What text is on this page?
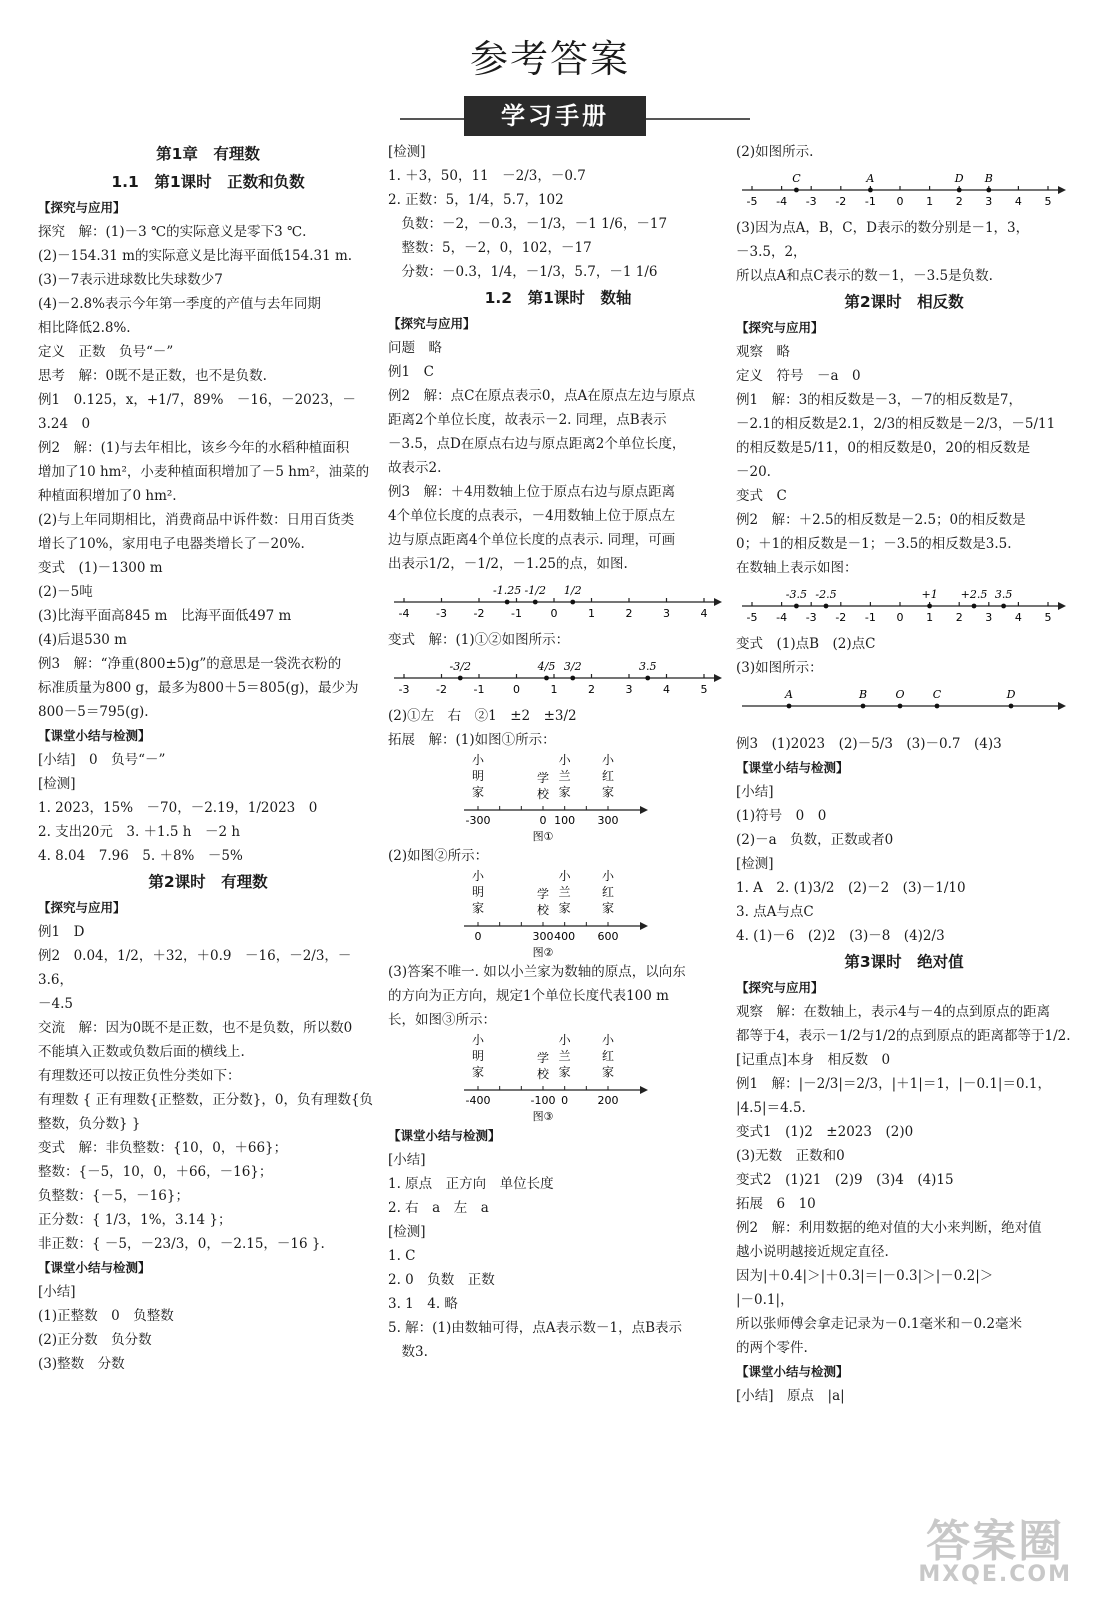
参考答案
学习手册

第1章　有理数

1.1　第1课时　正数和负数

【探究与应用】

探究　解：(1)－3 ℃的实际意义是零下3 ℃.

(2)－154.31 m的实际意义是比海平面低154.31 m.

(3)－7表示进球数比失球数少7

(4)－2.8%表示今年第一季度的产值与去年同期

相比降低2.8%.

定义　正数　负号“－”

思考　解：0既不是正数，也不是负数.

例1　0.125，x，+1/7，89%　－16，－2023，－3.24　0

例2　解：(1)与去年相比，该乡今年的水稻种植面积

增加了10 hm²，小麦种植面积增加了－5 hm²，油菜的

种植面积增加了0 hm².

(2)与上年同期相比，消费商品中诉件数：日用百货类

增长了10%，家用电子电器类增长了－20%.

变式　(1)－1300 m

(2)－5吨

(3)比海平面高845 m　比海平面低497 m

(4)后退530 m

例3　解：“净重(800±5)g”的意思是一袋洗衣粉的

标准质量为800 g，最多为800＋5＝805(g)，最少为

800－5＝795(g).

【课堂小结与检测】

[小结]　0　负号“－”

[检测]

1. 2023，15%　－70，－2.19，1/2023　0

2. 支出20元　3. ＋1.5 h　－2 h

4. 8.04　7.96　5. ＋8%　－5%

第2课时　有理数

【探究与应用】

例1　D

例2　0.04，1/2，＋32，＋0.9　－16，－2/3，－3.6，

－4.5

交流　解：因为0既不是正数，也不是负数，所以数0

不能填入正数或负数后面的横线上.

有理数还可以按正负性分类如下：

有理数 { 正有理数{正整数，正分数}，0，负有理数{负整数，负分数} }

变式　解：非负整数：{10，0，＋66}；

整数：{－5，10，0，＋66，－16}；

负整数：{－5，－16}；

正分数：{ 1/3，1%，3.14 }；

非正数：{ －5，－23/3，0，－2.15，－16 }.

【课堂小结与检测】

[小结]

(1)正整数　0　负整数

(2)正分数　负分数

(3)整数　分数

[检测]

1. ＋3，50，11　－2/3，－0.7

2. 正数：5，1/4，5.7，102

　负数：－2，－0.3，－1/3，－1 1/6，－17

　整数：5，－2，0，102，－17

　分数：－0.3，1/4，－1/3，5.7，－1 1/6

1.2　第1课时　数轴

【探究与应用】

问题　略

例1　C

例2　解：点C在原点表示0，点A在原点左边与原点

距离2个单位长度，故表示－2. 同理，点B表示

－3.5，点D在原点右边与原点距离2个单位长度，

故表示2.

例3　解：＋4用数轴上位于原点右边与原点距离

4个单位长度的点表示，－4用数轴上位于原点左

边与原点距离4个单位长度的点表示. 同理，可画

出表示1/2，－1/2，－1.25的点，如图.

-4 -3 -2 -1	0	1	2	3	4
-1.25 -1/2 1/2

变式　解：(1)①②如图所示：

-3 -2 -1	0	1	2	3	4	5
-3/2	4/5 3/2	3.5

(2)①左　右　②1　±2　±3/2

拓展　解：(1)如图①所示：

小明家
学校
小兰家
小红家
-300	0 100 300
图①

(2)如图②所示：

小明家
学校
小兰家
小红家
0	300 400 600
图②

(3)答案不唯一. 如以小兰家为数轴的原点，以向东

的方向为正方向，规定1个单位长度代表100 m

长，如图③所示：

小明家
学校
小兰家
小红家
-400	-100 0	200
图③

【课堂小结与检测】

[小结]

1. 原点　正方向　单位长度

2. 右　a　左　a

[检测]

1. C

2. 0　负数　正数

3. 1　4. 略

5. 解：(1)由数轴可得，点A表示数－1，点B表示

　数3.

(2)如图所示.

-5 -4 -3 -2 -1 0 1 2 3 4 5
C	A	D B

(3)因为点A，B，C，D表示的数分别是－1，3，

－3.5，2，

所以点A和点C表示的数－1，－3.5是负数.

第2课时　相反数

【探究与应用】

观察　略

定义　符号　－a　0

例1　解：3的相反数是－3，－7的相反数是7，

－2.1的相反数是2.1，2/3的相反数是－2/3，－5/11

的相反数是5/11，0的相反数是0，20的相反数是

－20.

变式　C

例2　解：＋2.5的相反数是－2.5；0的相反数是

0；＋1的相反数是－1；－3.5的相反数是3.5.

在数轴上表示如图：

-5 -4 -3 -2 -1 0 1 2 3 4 5
-3.5 -2.5	+1 +2.5 3.5

变式　(1)点B　(2)点C

(3)如图所示：

A	B	O	C	D

例3　(1)2023　(2)－5/3　(3)－0.7　(4)3

【课堂小结与检测】

[小结]

(1)符号　0　0

(2)－a　负数，正数或者0

[检测]

1. A　2. (1)3/2　(2)－2　(3)－1/10

3. 点A与点C

4. (1)－6　(2)2　(3)－8　(4)2/3

第3课时　绝对值

【探究与应用】

观察　解：在数轴上，表示4与－4的点到原点的距离

都等于4，表示－1/2与1/2的点到原点的距离都等于1/2.

[记重点]本身　相反数　0

例1　解：|－2/3|＝2/3，|＋1|＝1，|－0.1|＝0.1，

|4.5|＝4.5.

变式1　(1)2　±2023　(2)0

(3)无数　正数和0

变式2　(1)21　(2)9　(3)4　(4)15

拓展　6　10

例2　解：利用数据的绝对值的大小来判断，绝对值

越小说明越接近规定直径.

因为|＋0.4|＞|＋0.3|＝|－0.3|＞|－0.2|＞

|－0.1|，

所以张师傅会拿走记录为－0.1毫米和－0.2毫米

的两个零件.

【课堂小结与检测】

[小结]　原点　|a|

答案圈
MXQE.COM
